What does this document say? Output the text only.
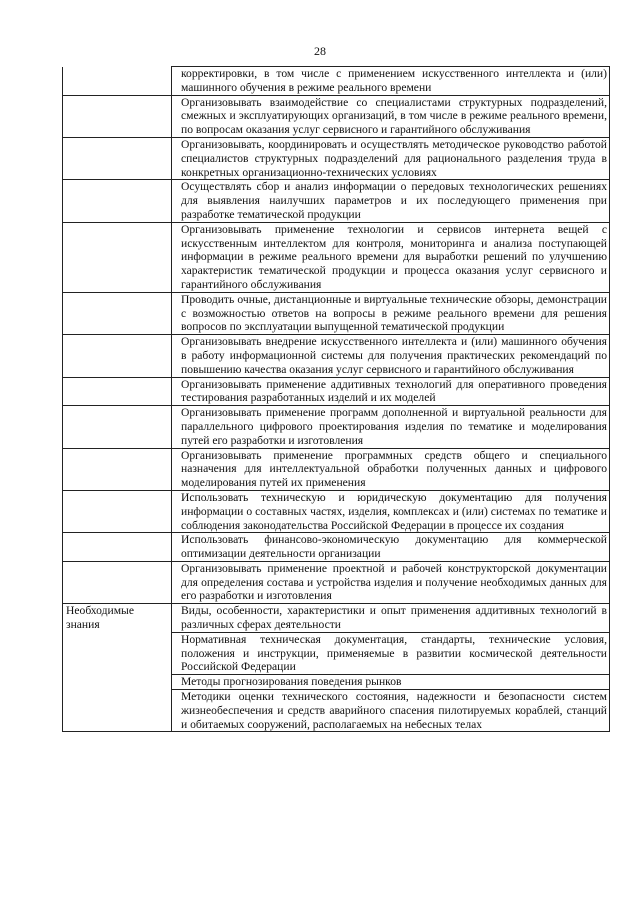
28
	корректировки, в том числе с применением искусственного интеллекта и (или) машинного обучения в режиме реального времени
	Организовывать взаимодействие со специалистами структурных подразделений, смежных и эксплуатирующих организаций, в том числе в режиме реального времени, по вопросам оказания услуг сервисного и гарантийного обслуживания
	Организовывать, координировать и осуществлять методическое руководство работой специалистов структурных подразделений для рационального разделения труда в конкретных организационно-технических условиях
	Осуществлять сбор и анализ информации о передовых технологических решениях для выявления наилучших параметров и их последующего применения при разработке тематической продукции
	Организовывать применение технологии и сервисов интернета вещей с искусственным интеллектом для контроля, мониторинга и анализа поступающей информации в режиме реального времени для выработки решений по улучшению характеристик тематической продукции и процесса оказания услуг сервисного и гарантийного обслуживания
	Проводить очные, дистанционные и виртуальные технические обзоры, демонстрации с возможностью ответов на вопросы в режиме реального времени для решения вопросов по эксплуатации выпущенной тематической продукции
	Организовывать внедрение искусственного интеллекта и (или) машинного обучения в работу информационной системы для получения практических рекомендаций по повышению качества оказания услуг сервисного и гарантийного обслуживания
	Организовывать применение аддитивных технологий для оперативного проведения тестирования разработанных изделий и их моделей
	Организовывать применение программ дополненной и виртуальной реальности для параллельного цифрового проектирования изделия по тематике и моделирования путей его разработки и изготовления
	Организовывать применение программных средств общего и специального назначения для интеллектуальной обработки полученных данных и цифрового моделирования путей их применения
	Использовать техническую и юридическую документацию для получения информации о составных частях, изделия, комплексах и (или) системах по тематике и соблюдения законодательства Российской Федерации в процессе их создания
	Использовать финансово-экономическую документацию для коммерческой оптимизации деятельности организации
	Организовывать применение проектной и рабочей конструкторской документации для определения состава и устройства изделия и получение необходимых данных для его разработки и изготовления
Необходимые знания	Виды, особенности, характеристики и опыт применения аддитивных технологий в различных сферах деятельности
	Нормативная техническая документация, стандарты, технические условия, положения и инструкции, применяемые в развитии космической деятельности Российской Федерации
	Методы прогнозирования поведения рынков
	Методики оценки технического состояния, надежности и безопасности систем жизнеобеспечения и средств аварийного спасения пилотируемых кораблей, станций и обитаемых сооружений, располагаемых на небесных телах
